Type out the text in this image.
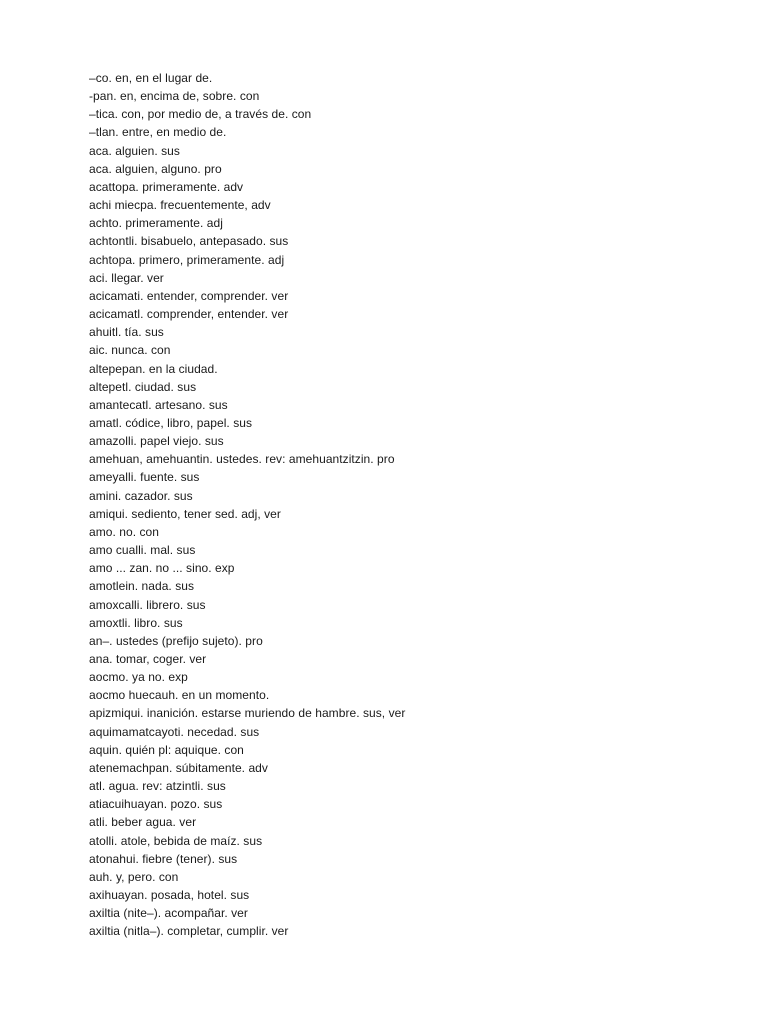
–co. en, en el lugar de.
-pan. en, encima de, sobre. con
–tica. con, por medio de, a través de. con
–tlan. entre, en medio de.
aca. alguien. sus
aca. alguien, alguno. pro
acattopa. primeramente. adv
achi miecpa. frecuentemente, adv
achto. primeramente. adj
achtontli. bisabuelo, antepasado. sus
achtopa. primero, primeramente. adj
aci. llegar. ver
acicamati. entender, comprender. ver
acicamatl. comprender, entender. ver
ahuitl. tía. sus
aic. nunca. con
altepepan. en la ciudad.
altepetl. ciudad. sus
amantecatl. artesano. sus
amatl. códice, libro, papel. sus
amazolli. papel viejo. sus
amehuan, amehuantin. ustedes. rev: amehuantzitzin. pro
ameyalli. fuente. sus
amini. cazador. sus
amiqui. sediento, tener sed. adj, ver
amo. no. con
amo cualli. mal. sus
amo ... zan. no ... sino. exp
amotlein. nada. sus
amoxcalli. librero. sus
amoxtli. libro. sus
an–. ustedes (prefijo sujeto). pro
ana. tomar, coger. ver
aocmo. ya no. exp
aocmo huecauh. en un momento.
apizmiqui. inanición. estarse muriendo de hambre. sus, ver
aquimamatcayoti. necedad. sus
aquin. quién pl: aquique. con
atenemachpan. súbitamente. adv
atl. agua. rev: atzintli. sus
atiacuihuayan. pozo. sus
atli. beber agua. ver
atolli. atole, bebida de maíz. sus
atonahui. fiebre (tener). sus
auh. y, pero. con
axihuayan. posada, hotel. sus
axiltia (nite–). acompañar. ver
axiltia (nitla–). completar, cumplir. ver
